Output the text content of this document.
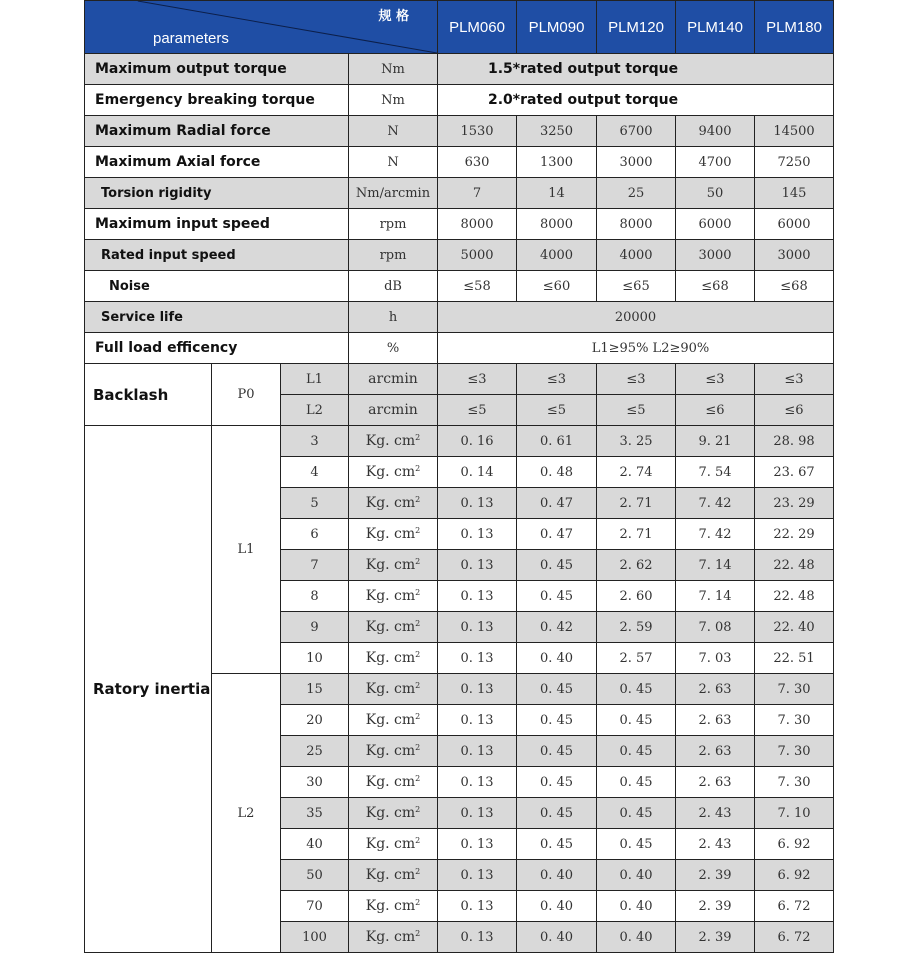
规 格
parameters				PLM060	PLM090	PLM120	PLM140	PLM180
Maximum output torque			Nm	1.5*rated output torque				
Emergency breaking torque			Nm	2.0*rated output torque				
Maximum Radial force			N	1530	3250	6700	9400	14500
Maximum Axial force			N	630	1300	3000	4700	7250
Torsion rigidity			Nm/arcmin	7	14	25	50	145
Maximum input speed			rpm	8000	8000	8000	6000	6000
Rated input speed			rpm	5000	4000	4000	3000	3000
Noise			dB	≤58	≤60	≤65	≤68	≤68
Service life			h	20000				
Full load efficency			%	L1≥95% L2≥90%				
Backlash	P0	L1	arcmin	≤3	≤3	≤3	≤3	≤3
		L2	arcmin	≤5	≤5	≤5	≤6	≤6
Ratory inertia	L1	3	Kg. $cm^2$	0. 16	0. 61	3. 25	9. 21	28. 98
		4	Kg. $cm^2$	0. 14	0. 48	2. 74	7. 54	23. 67
		5	Kg. $cm^2$	0. 13	0. 47	2. 71	7. 42	23. 29
		6	Kg. $cm^2$	0. 13	0. 47	2. 71	7. 42	22. 29
		7	Kg. $cm^2$	0. 13	0. 45	2. 62	7. 14	22. 48
		8	Kg. $cm^2$	0. 13	0. 45	2. 60	7. 14	22. 48
		9	Kg. $cm^2$	0. 13	0. 42	2. 59	7. 08	22. 40
		10	Kg. $cm^2$	0. 13	0. 40	2. 57	7. 03	22. 51
	L2	15	Kg. $cm^2$	0. 13	0. 45	0. 45	2. 63	7. 30
		20	Kg. $cm^2$	0. 13	0. 45	0. 45	2. 63	7. 30
		25	Kg. $cm^2$	0. 13	0. 45	0. 45	2. 63	7. 30
		30	Kg. $cm^2$	0. 13	0. 45	0. 45	2. 63	7. 30
		35	Kg. $cm^2$	0. 13	0. 45	0. 45	2. 43	7. 10
		40	Kg. $cm^2$	0. 13	0. 45	0. 45	2. 43	6. 92
		50	Kg. $cm^2$	0. 13	0. 40	0. 40	2. 39	6. 92
		70	Kg. $cm^2$	0. 13	0. 40	0. 40	2. 39	6. 72
		100	Kg. $cm^2$	0. 13	0. 40	0. 40	2. 39	6. 72
